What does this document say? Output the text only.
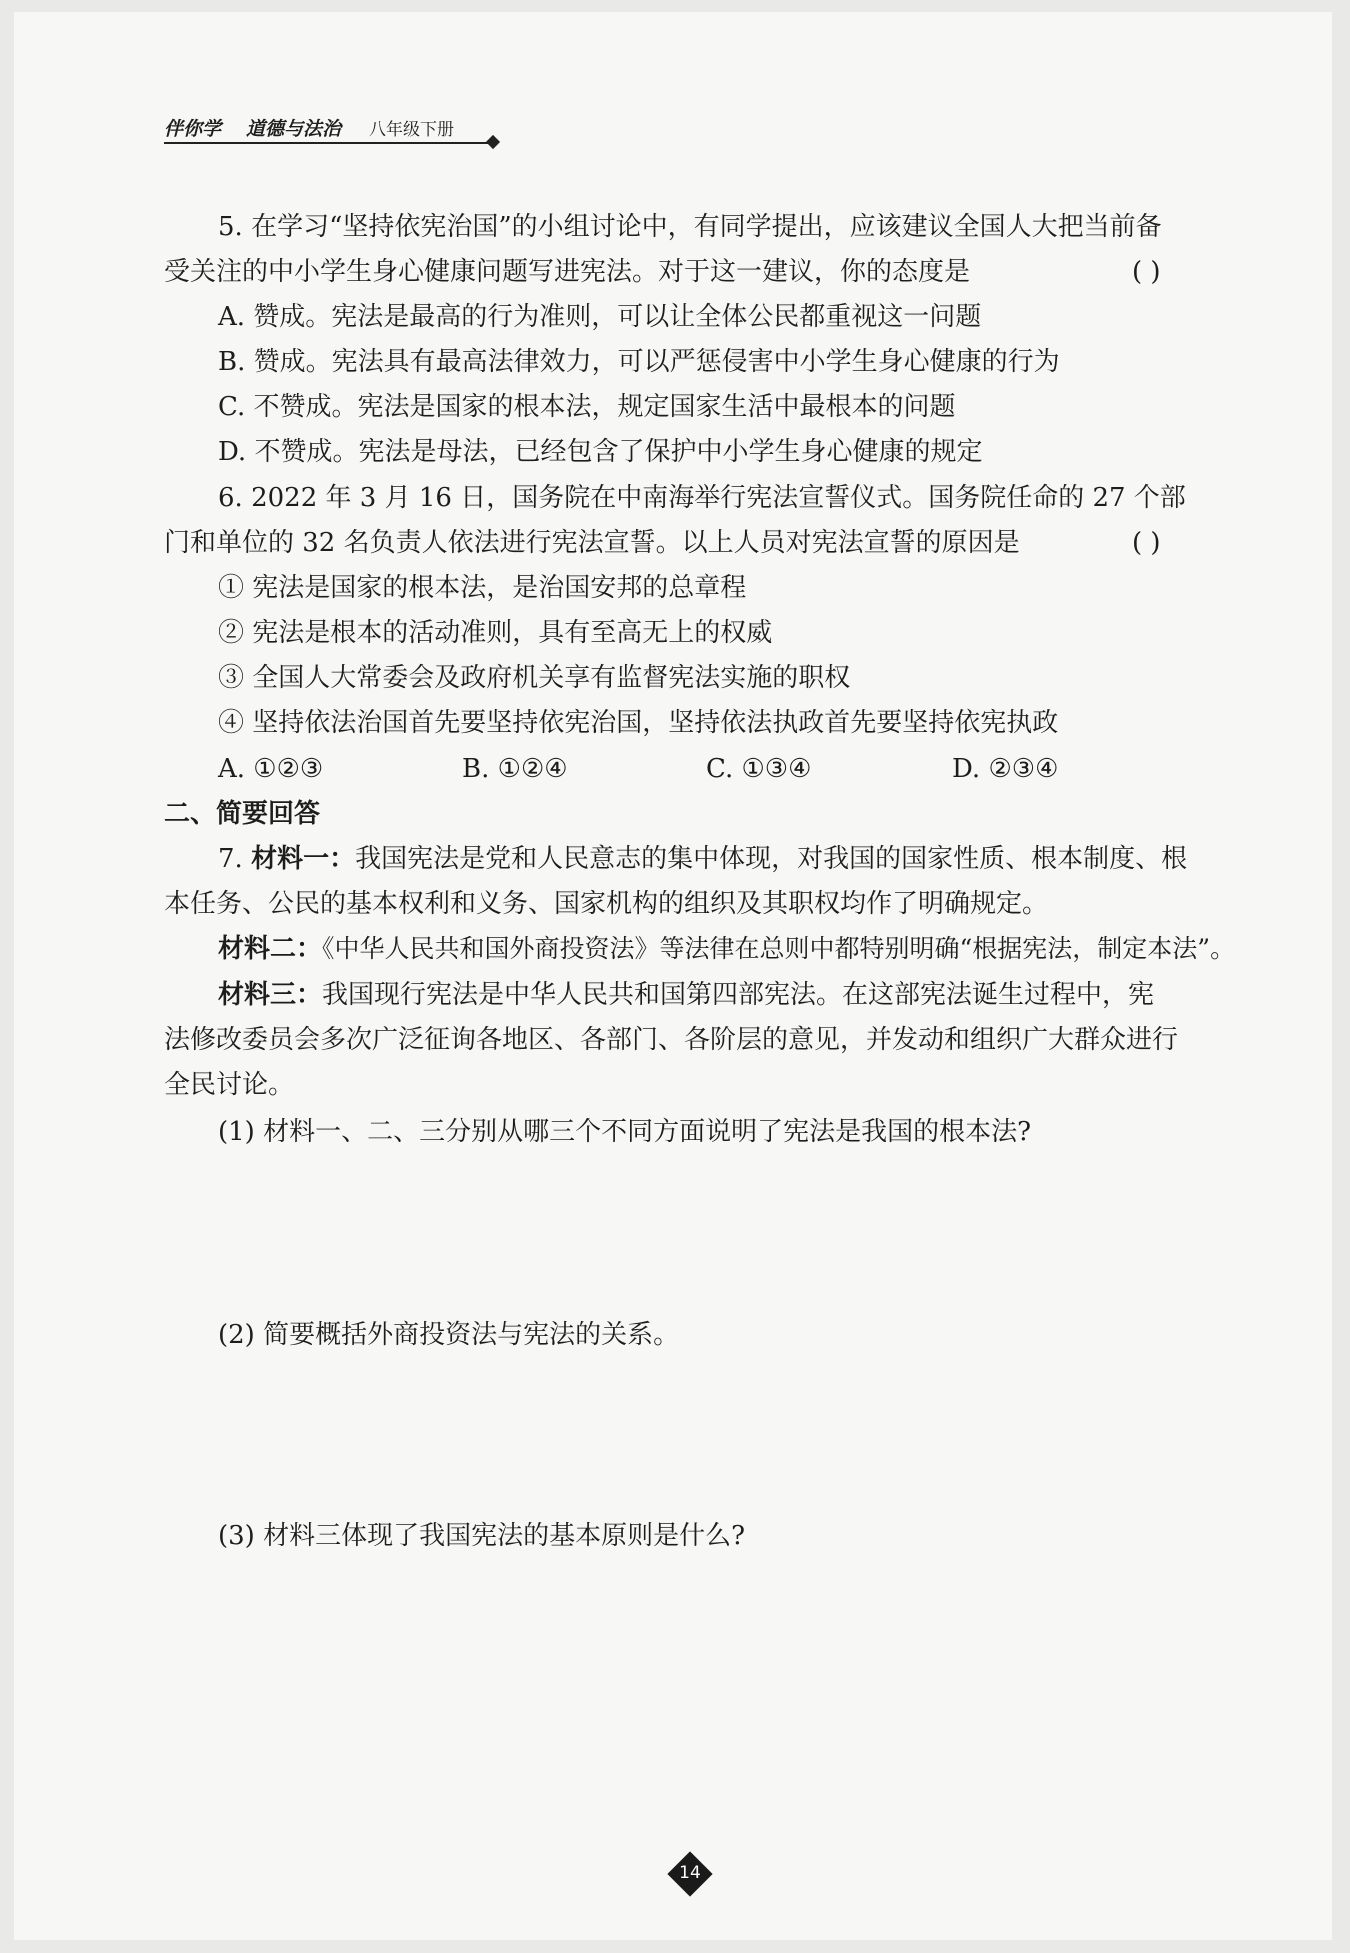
伴你学 道德与法治 八年级下册
5. 在学习“坚持依宪治国”的小组讨论中，有同学提出，应该建议全国人大把当前备
受关注的中小学生身心健康问题写进宪法。对于这一建议，你的态度是	( )
A. 赞成。宪法是最高的行为准则，可以让全体公民都重视这一问题
B. 赞成。宪法具有最高法律效力，可以严惩侵害中小学生身心健康的行为
C. 不赞成。宪法是国家的根本法，规定国家生活中最根本的问题
D. 不赞成。宪法是母法，已经包含了保护中小学生身心健康的规定
6. 2022 年 3 月 16 日，国务院在中南海举行宪法宣誓仪式。国务院任命的 27 个部
门和单位的 32 名负责人依法进行宪法宣誓。以上人员对宪法宣誓的原因是	( )
① 宪法是国家的根本法，是治国安邦的总章程
② 宪法是根本的活动准则，具有至高无上的权威
③ 全国人大常委会及政府机关享有监督宪法实施的职权
④ 坚持依法治国首先要坚持依宪治国，坚持依法执政首先要坚持依宪执政
A. ①②③	B. ①②④	C. ①③④	D. ②③④
二、简要回答
7. 材料一：我国宪法是党和人民意志的集中体现，对我国的国家性质、根本制度、根
本任务、公民的基本权利和义务、国家机构的组织及其职权均作了明确规定。
材料二：《中华人民共和国外商投资法》等法律在总则中都特别明确“根据宪法，制定本法”。
材料三：我国现行宪法是中华人民共和国第四部宪法。在这部宪法诞生过程中，宪
法修改委员会多次广泛征询各地区、各部门、各阶层的意见，并发动和组织广大群众进行
全民讨论。
(1) 材料一、二、三分别从哪三个不同方面说明了宪法是我国的根本法?
(2) 简要概括外商投资法与宪法的关系。
(3) 材料三体现了我国宪法的基本原则是什么?
14
